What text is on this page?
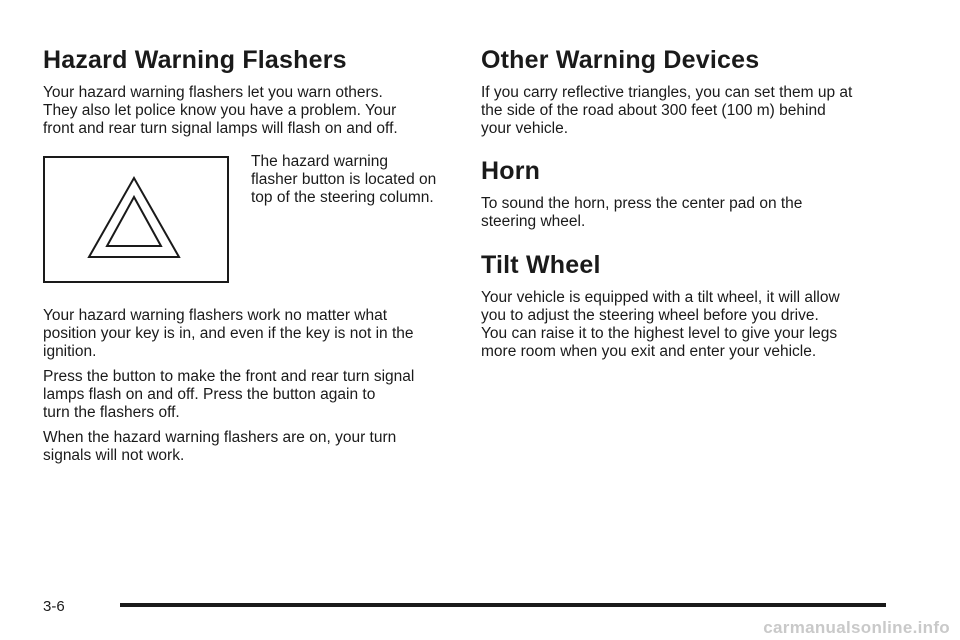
Hazard Warning Flashers

Your hazard warning flashers let you warn others.
They also let police know you have a problem. Your
front and rear turn signal lamps will flash on and off.

The hazard warning
flasher button is located on
top of the steering column.

Your hazard warning flashers work no matter what
position your key is in, and even if the key is not in the
ignition.

Press the button to make the front and rear turn signal
lamps flash on and off. Press the button again to
turn the flashers off.

When the hazard warning flashers are on, your turn
signals will not work.

Other Warning Devices

If you carry reflective triangles, you can set them up at
the side of the road about 300 feet (100 m) behind
your vehicle.

Horn

To sound the horn, press the center pad on the
steering wheel.

Tilt Wheel

Your vehicle is equipped with a tilt wheel, it will allow
you to adjust the steering wheel before you drive.
You can raise it to the highest level to give your legs
more room when you exit and enter your vehicle.

3-6
carmanualsonline.info
